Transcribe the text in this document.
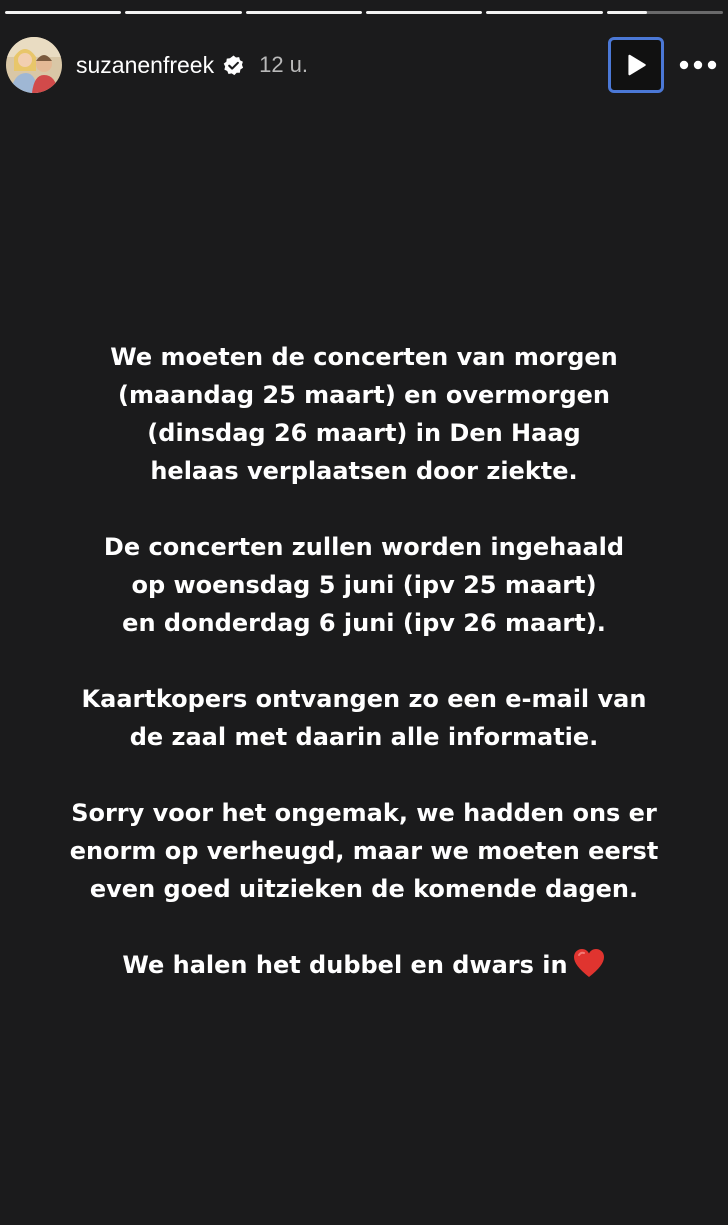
suzanenfreek 12 u.
We moeten de concerten van morgen
(maandag 25 maart) en overmorgen
(dinsdag 26 maart) in Den Haag
helaas verplaatsen door ziekte.
De concerten zullen worden ingehaald
op woensdag 5 juni (ipv 25 maart)
en donderdag 6 juni (ipv 26 maart).
Kaartkopers ontvangen zo een e-mail van
de zaal met daarin alle informatie.
Sorry voor het ongemak, we hadden ons er
enorm op verheugd, maar we moeten eerst
even goed uitzieken de komende dagen.
We halen het dubbel en dwars in
